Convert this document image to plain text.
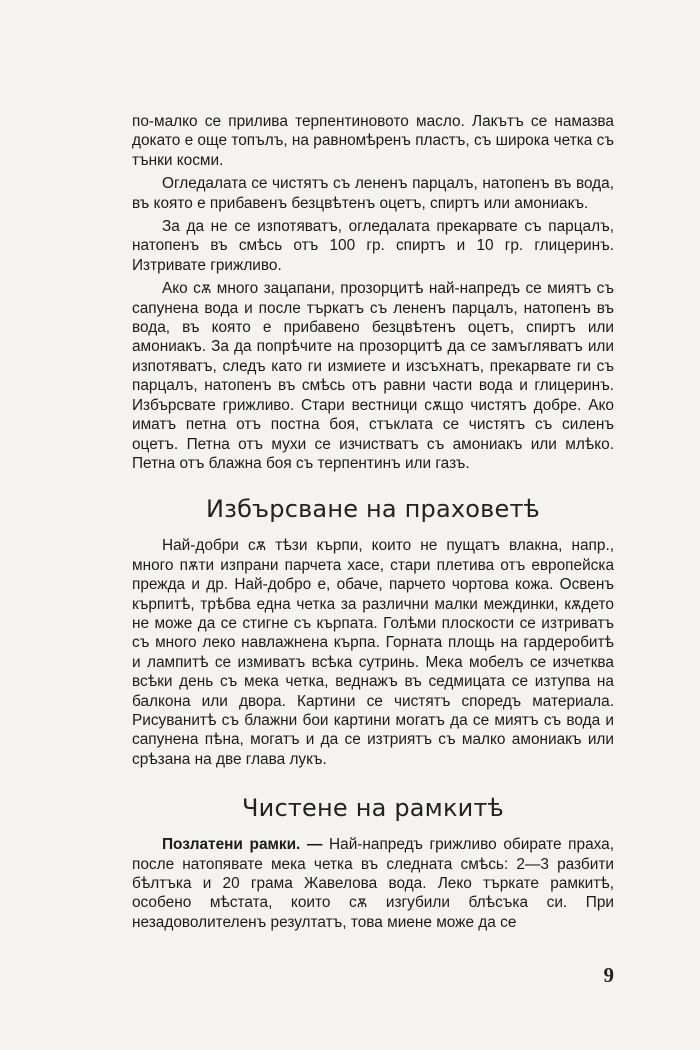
по-малко се прилива терпентиновото масло. Лакътъ се намазва докато е още топълъ, на равномѣренъ пластъ, съ широка четка съ тънки косми.

Огледалата се чистятъ съ лененъ парцалъ, натопенъ въ вода, въ която е прибавенъ безцвѣтенъ оцетъ, спиртъ или амониакъ.

За да не се изпотяватъ, огледалата прекарвате съ парцалъ, натопенъ въ смѣсь отъ 100 гр. спиртъ и 10 гр. глицеринъ. Изтривате грижливо.

Ако сѫ много зацапани, прозорцитѣ най-напредъ се миятъ съ сапунена вода и после търкатъ съ лененъ парцалъ, натопенъ въ вода, въ която е прибавено безцвѣтенъ оцетъ, спиртъ или амониакъ. За да попрѣчите на прозорцитѣ да се замъгляватъ или изпотяватъ, следъ като ги измиете и изсъхнатъ, прекарвате ги съ парцалъ, натопенъ въ смѣсь отъ равни части вода и глицеринъ. Избърсвате грижливо. Стари вестници сѫщо чистятъ добре. Ако иматъ петна отъ постна боя, стъклата се чистятъ съ силенъ оцетъ. Петна отъ мухи се изчистватъ съ амониакъ или млѣко. Петна отъ блажна боя съ терпентинъ или газъ.

Избърсване на праховетѣ

Най-добри сѫ тѣзи кърпи, които не пущатъ влакна, напр., много пѫти изпрани парчета хасе, стари плетива отъ европейска прежда и др. Най-добро е, обаче, парчето чортова кожа. Освенъ кърпитѣ, трѣбва една четка за различни малки междинки, кѫдето не може да се стигне съ кърпата. Голѣми плоскости се изтриватъ съ много леко навлажнена кърпа. Горната площь на гардеробитѣ и лампитѣ се измиватъ всѣка сутринь. Мека мобелъ се изчетква всѣки день съ мека четка, веднажъ въ седмицата се изтупва на балкона или двора. Картини се чистятъ споредъ материала. Рисуванитѣ съ блажни бои картини могатъ да се миятъ съ вода и сапунена пѣна, могатъ и да се изтриятъ съ малко амониакъ или срѣзана на две глава лукъ.

Чистене на рамкитѣ

Позлатени рамки. — Най-напредъ грижливо обирате праха, после натопявате мека четка въ следната смѣсь: 2—3 разбити бѣлтъка и 20 грама Жавелова вода. Леко търкате рамкитѣ, особено мѣстата, които сѫ изгубили блѣсъка си. При незадоволителенъ резултатъ, това миене може да се

9
